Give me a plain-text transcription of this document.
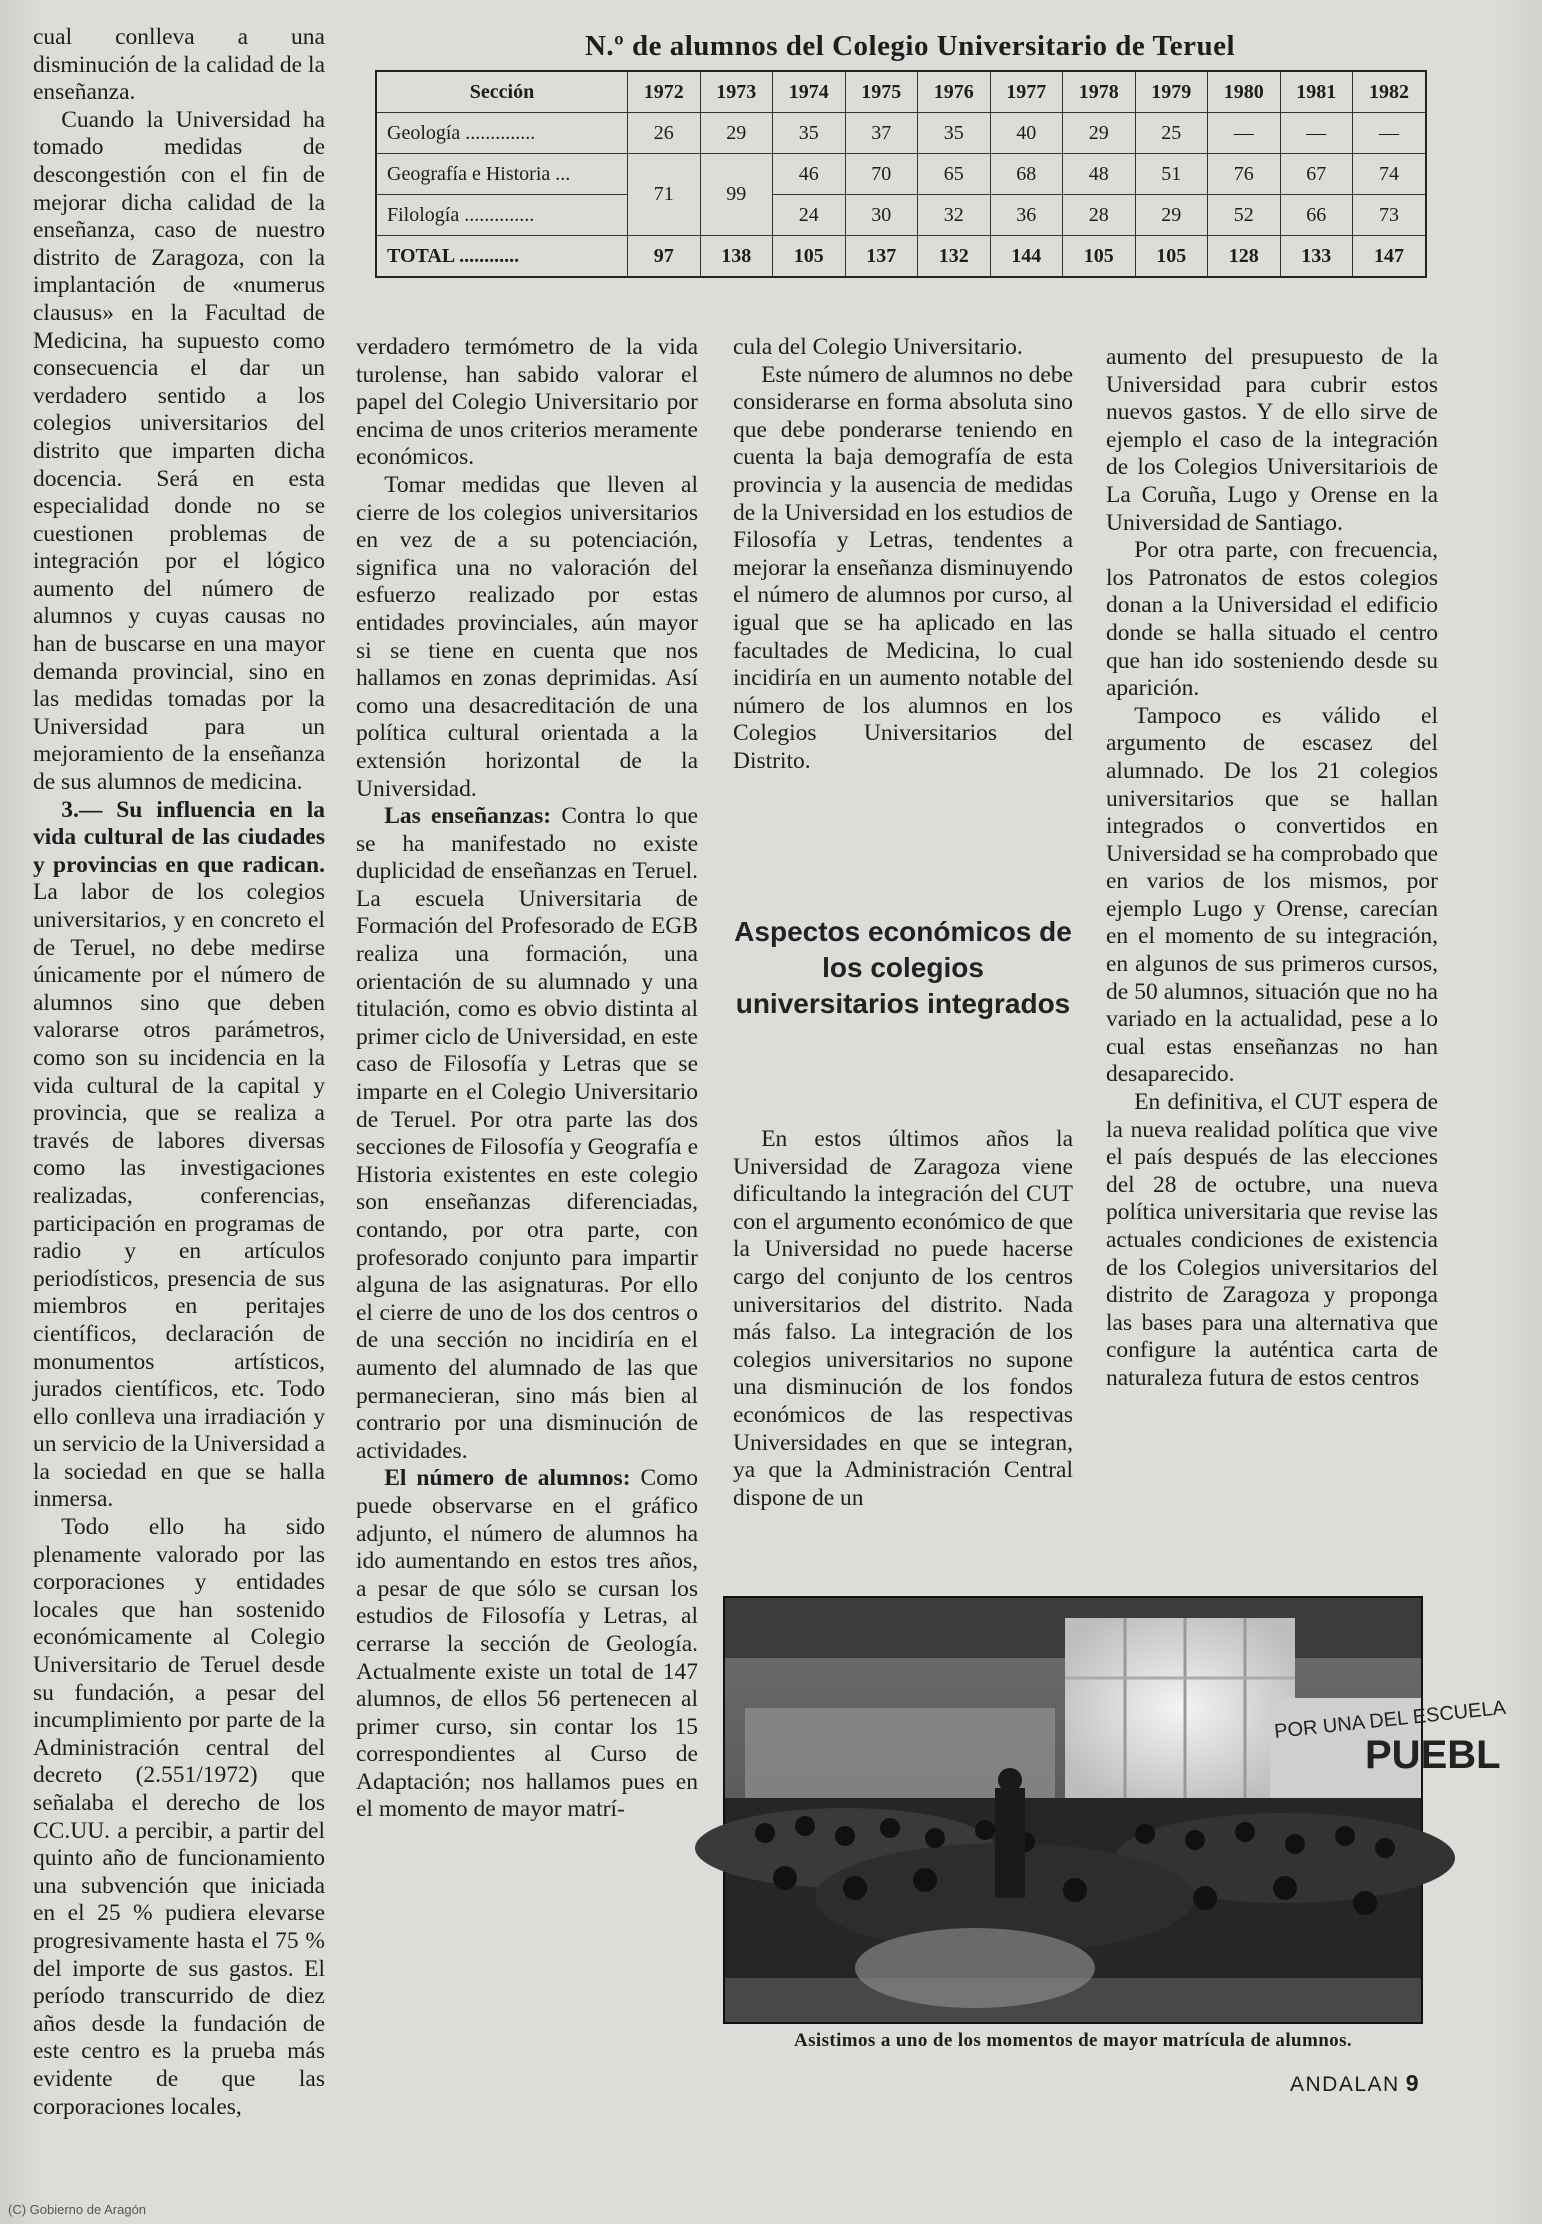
N.º de alumnos del Colegio Universitario de Teruel
Sección	1972	1973	1974	1975	1976	1977	1978	1979	1980	1981	1982
Geología ..............	26	29	35	37	35	40	29	25	—	—	—
Geografía e Historia ...	71	99	46	70	65	68	48	51	76	67	74
Filología ..............			24	30	32	36	28	29	52	66	73
TOTAL ............	97	138	105	137	132	144	105	105	128	133	147

cual conlleva a una disminución de la calidad de la enseñanza.

Cuando la Universidad ha tomado medidas de descongestión con el fin de mejorar dicha calidad de la enseñanza, caso de nuestro distrito de Zaragoza, con la implantación de «numerus clausus» en la Facultad de Medicina, ha supuesto como consecuencia el dar un verdadero sentido a los colegios universitarios del distrito que imparten dicha docencia. Será en esta especialidad donde no se cuestionen problemas de integración por el lógico aumento del número de alumnos y cuyas causas no han de buscarse en una mayor demanda provincial, sino en las medidas tomadas por la Universidad para un mejoramiento de la enseñanza de sus alumnos de medicina.

3.— Su influencia en la vida cultural de las ciudades y provincias en que radican. La labor de los colegios universitarios, y en concreto el de Teruel, no debe medirse únicamente por el número de alumnos sino que deben valorarse otros parámetros, como son su incidencia en la vida cultural de la capital y provincia, que se realiza a través de labores diversas como las investigaciones realizadas, conferencias, participación en programas de radio y en artículos periodísticos, presencia de sus miembros en peritajes científicos, declaración de monumentos artísticos, jurados científicos, etc. Todo ello conlleva una irradiación y un servicio de la Universidad a la sociedad en que se halla inmersa.

Todo ello ha sido plenamente valorado por las corporaciones y entidades locales que han sostenido económicamente al Colegio Universitario de Teruel desde su fundación, a pesar del incumplimiento por parte de la Administración central del decreto (2.551/1972) que señalaba el derecho de los CC.UU. a percibir, a partir del quinto año de funcionamiento una subvención que iniciada en el 25 % pudiera elevarse progresivamente hasta el 75 % del importe de sus gastos. El período transcurrido de diez años desde la fundación de este centro es la prueba más evidente de que las corporaciones locales,

verdadero termómetro de la vida turolense, han sabido valorar el papel del Colegio Universitario por encima de unos criterios meramente económicos.

Tomar medidas que lleven al cierre de los colegios universitarios en vez de a su potenciación, significa una no valoración del esfuerzo realizado por estas entidades provinciales, aún mayor si se tiene en cuenta que nos hallamos en zonas deprimidas. Así como una desacreditación de una política cultural orientada a la extensión horizontal de la Universidad.

Las enseñanzas: Contra lo que se ha manifestado no existe duplicidad de enseñanzas en Teruel. La escuela Universitaria de Formación del Profesorado de EGB realiza una formación, una orientación de su alumnado y una titulación, como es obvio distinta al primer ciclo de Universidad, en este caso de Filosofía y Letras que se imparte en el Colegio Universitario de Teruel. Por otra parte las dos secciones de Filosofía y Geografía e Historia existentes en este colegio son enseñanzas diferenciadas, contando, por otra parte, con profesorado conjunto para impartir alguna de las asignaturas. Por ello el cierre de uno de los dos centros o de una sección no incidiría en el aumento del alumnado de las que permanecieran, sino más bien al contrario por una disminución de actividades.

El número de alumnos: Como puede observarse en el gráfico adjunto, el número de alumnos ha ido aumentando en estos tres años, a pesar de que sólo se cursan los estudios de Filosofía y Letras, al cerrarse la sección de Geología. Actualmente existe un total de 147 alumnos, de ellos 56 pertenecen al primer curso, sin contar los 15 correspondientes al Curso de Adaptación; nos hallamos pues en el momento de mayor matrí-

cula del Colegio Universitario.

Este número de alumnos no debe considerarse en forma absoluta sino que debe ponderarse teniendo en cuenta la baja demografía de esta provincia y la ausencia de medidas de la Universidad en los estudios de Filosofía y Letras, tendentes a mejorar la enseñanza disminuyendo el número de alumnos por curso, al igual que se ha aplicado en las facultades de Medicina, lo cual incidiría en un aumento notable del número de los alumnos en los Colegios Universitarios del Distrito.

Aspectos económicos de los colegios universitarios integrados

En estos últimos años la Universidad de Zaragoza viene dificultando la integración del CUT con el argumento económico de que la Universidad no puede hacerse cargo del conjunto de los centros universitarios del distrito. Nada más falso. La integración de los colegios universitarios no supone una disminución de los fondos económicos de las respectivas Universidades en que se integran, ya que la Administración Central dispone de un

aumento del presupuesto de la Universidad para cubrir estos nuevos gastos. Y de ello sirve de ejemplo el caso de la integración de los Colegios Universitariois de La Coruña, Lugo y Orense en la Universidad de Santiago.

Por otra parte, con frecuencia, los Patronatos de estos colegios donan a la Universidad el edificio donde se halla situado el centro que han ido sosteniendo desde su aparición.

Tampoco es válido el argumento de escasez del alumnado. De los 21 colegios universitarios que se hallan integrados o convertidos en Universidad se ha comprobado que en varios de los mismos, por ejemplo Lugo y Orense, carecían en el momento de su integración, en algunos de sus primeros cursos, de 50 alumnos, situación que no ha variado en la actualidad, pese a lo cual estas enseñanzas no han desaparecido.

En definitiva, el CUT espera de la nueva realidad política que vive el país después de las elecciones del 28 de octubre, una nueva política universitaria que revise las actuales condiciones de existencia de los Colegios universitarios del distrito de Zaragoza y proponga las bases para una alternativa que configure la auténtica carta de naturaleza futura de estos centros

POR UNA DEL ESCUELA
PUEBL
Asistimos a uno de los momentos de mayor matrícula de alumnos.
ANDALAN 9
(C) Gobierno de Aragón
